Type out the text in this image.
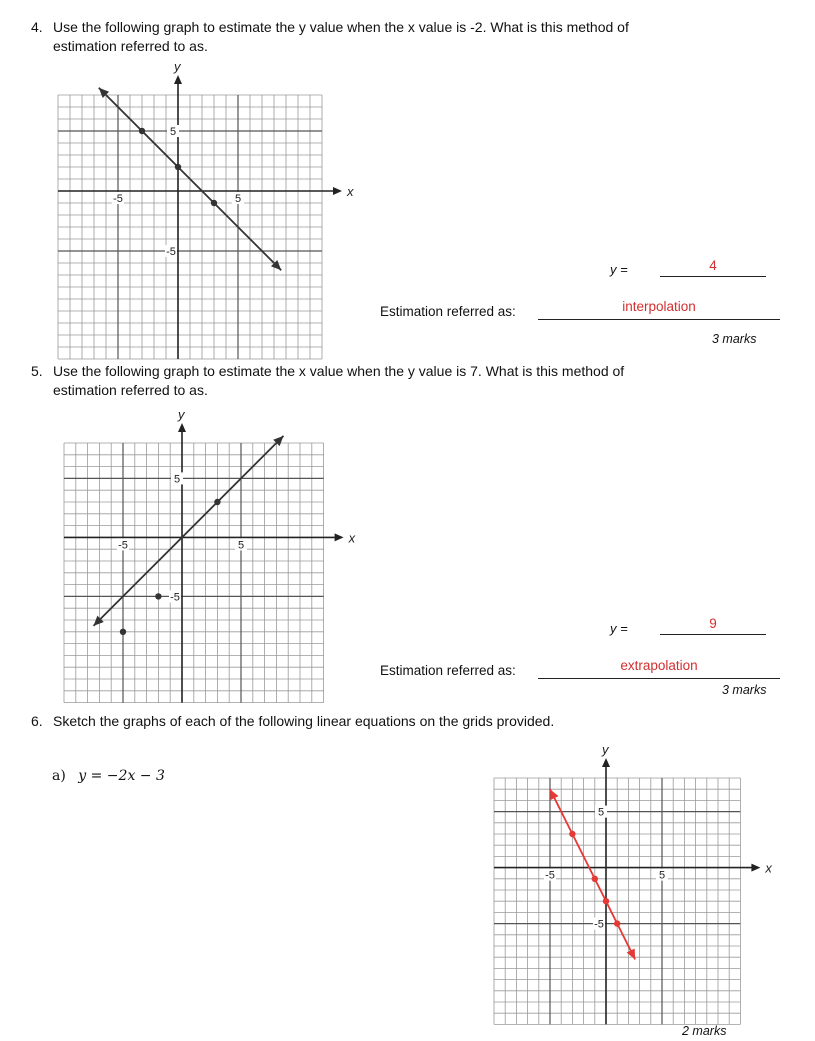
4. Use the following graph to estimate the y value when the x value is -2. What is this method of
estimation referred to as.
x
y
-5	5
5
-5
y =	4
Estimation referred as:	interpolation
3 marks
5. Use the following graph to estimate the x value when the y value is 7. What is this method of
estimation referred to as.
x
y
-5	5
5
-5
y =	9
Estimation referred as:	extrapolation
3 marks
6. Sketch the graphs of each of the following linear equations on the grids provided.
a) y = −2x − 3
x
y
-5	5
5
-5
2 marks
